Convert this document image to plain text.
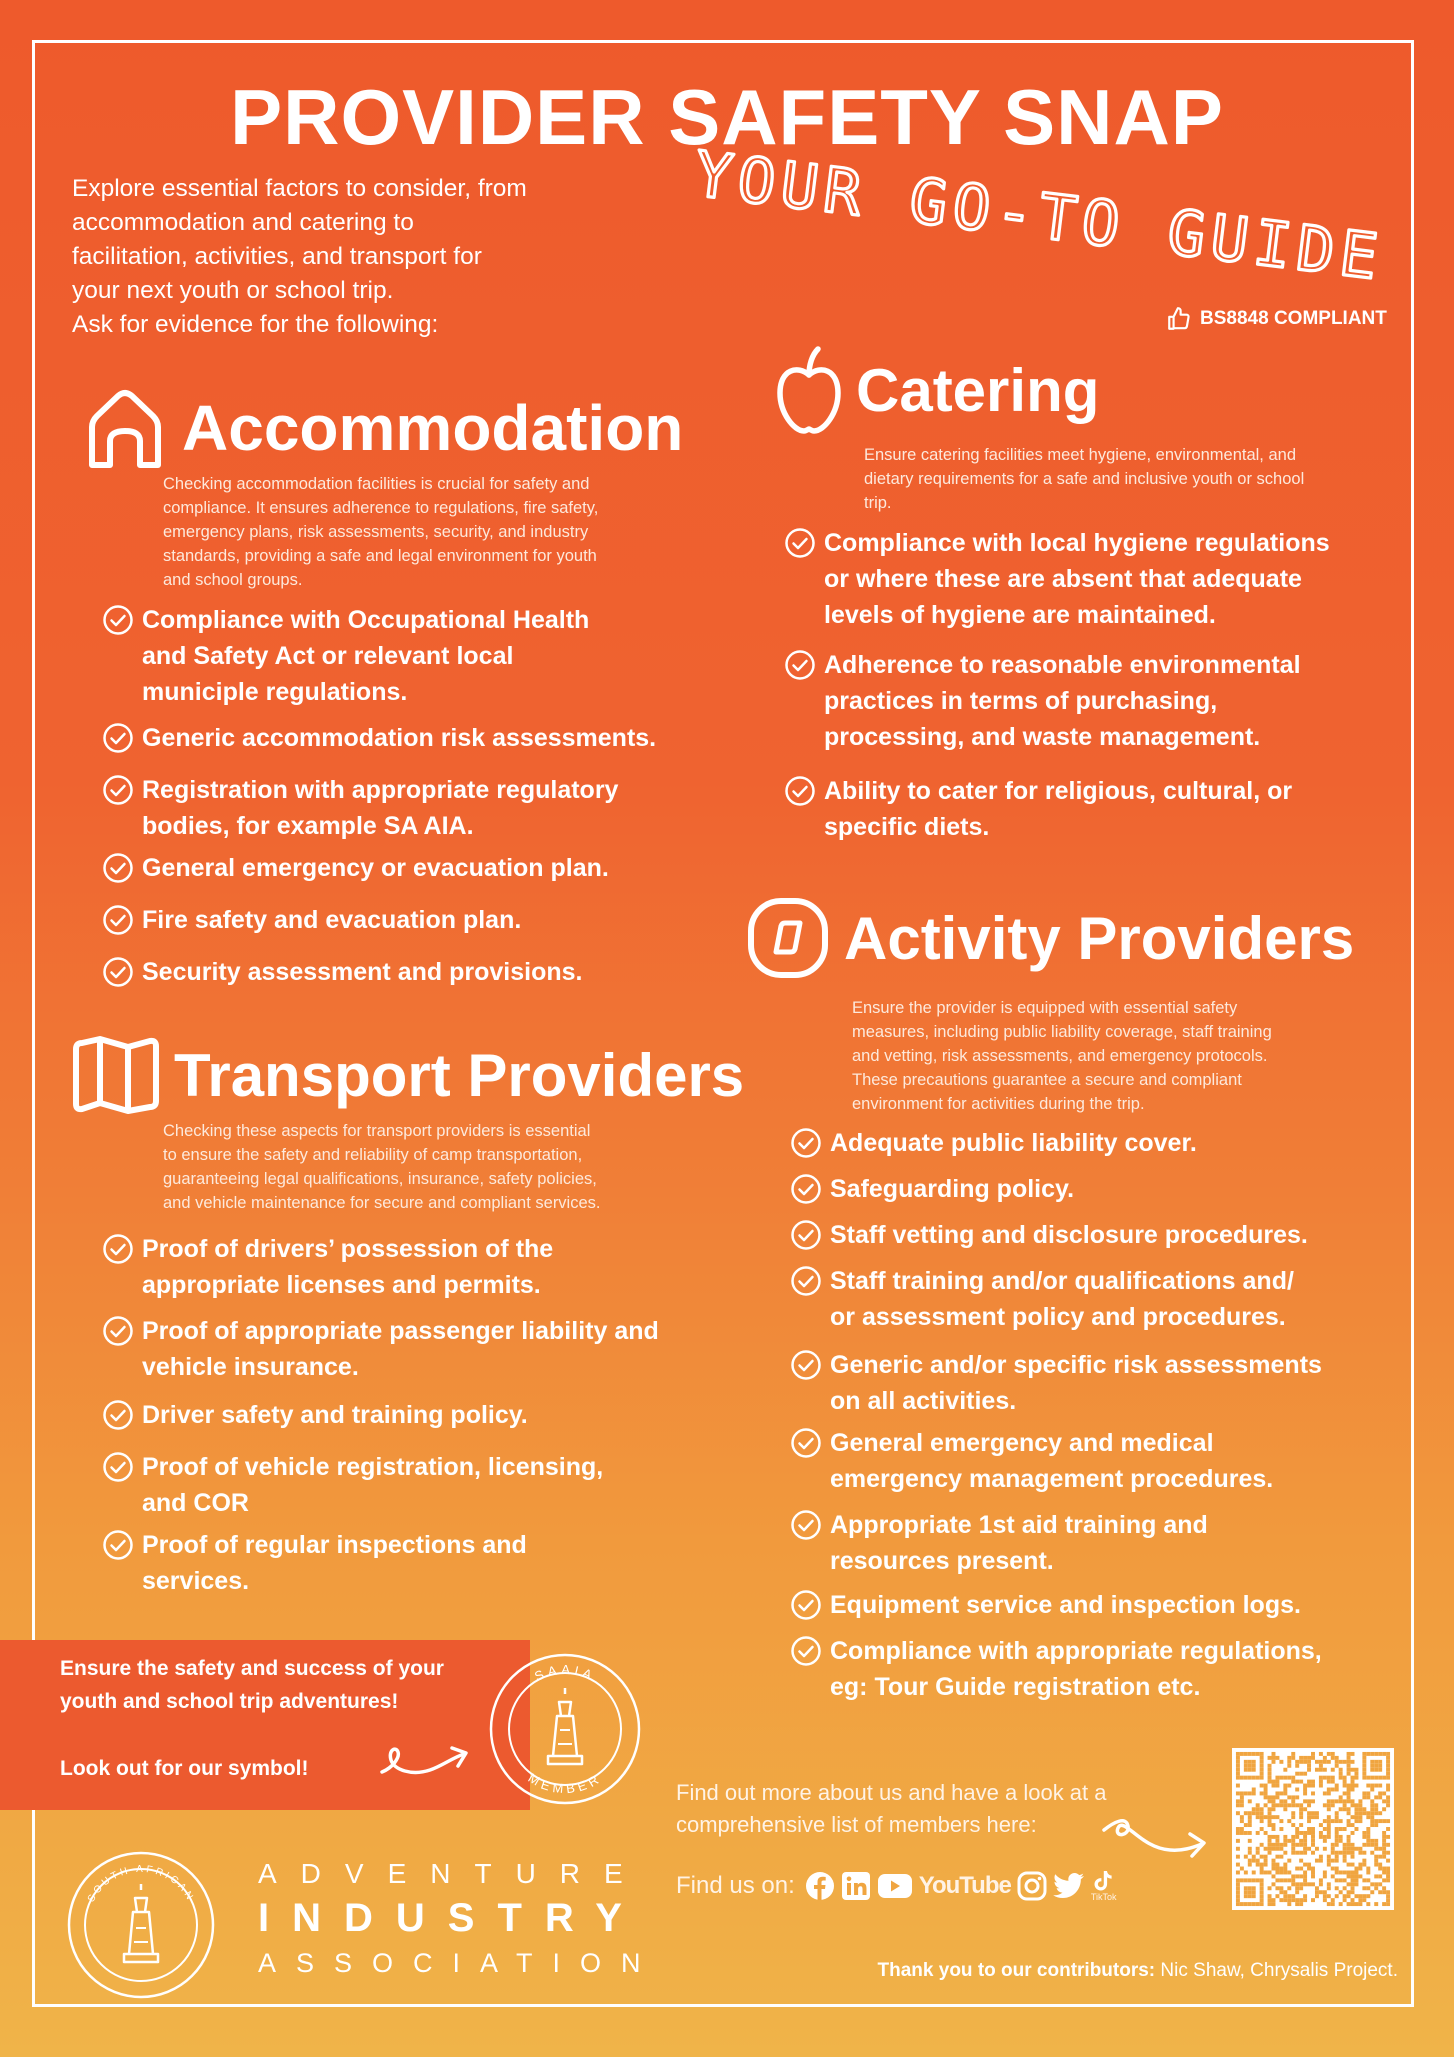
PROVIDER SAFETY SNAP
Explore essential factors to consider, from
accommodation and catering to
facilitation, activities, and transport for
your next youth or school trip.
Ask for evidence for the following:
YOUR GO-TO GUIDE
BS8848 COMPLIANT
Accommodation
Checking accommodation facilities is crucial for safety and
compliance. It ensures adherence to regulations, fire safety,
emergency plans, risk assessments, security, and industry
standards, providing a safe and legal environment for youth
and school groups.
Compliance with Occupational Health
and Safety Act or relevant local
municiple regulations.
Generic accommodation risk assessments.
Registration with appropriate regulatory
bodies, for example SA AIA.
General emergency or evacuation plan.
Fire safety and evacuation plan.
Security assessment and provisions.
Transport Providers
Checking these aspects for transport providers is essential
to ensure the safety and reliability of camp transportation,
guaranteeing legal qualifications, insurance, safety policies,
and vehicle maintenance for secure and compliant services.
Proof of drivers’ possession of the
appropriate licenses and permits.
Proof of appropriate passenger liability and
vehicle insurance.
Driver safety and training policy.
Proof of vehicle registration, licensing,
and COR
Proof of regular inspections and
services.
Catering
Ensure catering facilities meet hygiene, environmental, and
dietary requirements for a safe and inclusive youth or school
trip.
Compliance with local hygiene regulations
or where these are absent that adequate
levels of hygiene are maintained.
Adherence to reasonable environmental
practices in terms of purchasing,
processing, and waste management.
Ability to cater for religious, cultural, or
specific diets.
Activity Providers
Ensure the provider is equipped with essential safety
measures, including public liability coverage, staff training
and vetting, risk assessments, and emergency protocols.
These precautions guarantee a secure and compliant
environment for activities during the trip.
Adequate public liability cover.
Safeguarding policy.
Staff vetting and disclosure procedures.
Staff training and/or qualifications and/
or assessment policy and procedures.
Generic and/or specific risk assessments
on all activities.
General emergency and medical
emergency management procedures.
Appropriate 1st aid training and
resources present.
Equipment service and inspection logs.
Compliance with appropriate regulations,
eg: Tour Guide registration etc.
Ensure the safety and success of your
youth and school trip adventures!
Look out for our symbol!
SAAIA
MEMBER
Find out more about us and have a look at a
comprehensive list of members here:
Find us on:	YouTube	TikTok
SOUTH AFRICAN
ADVENTURE
INDUSTRY
ASSOCIATION	Thank you to our contributors: Nic Shaw, Chrysalis Project.
